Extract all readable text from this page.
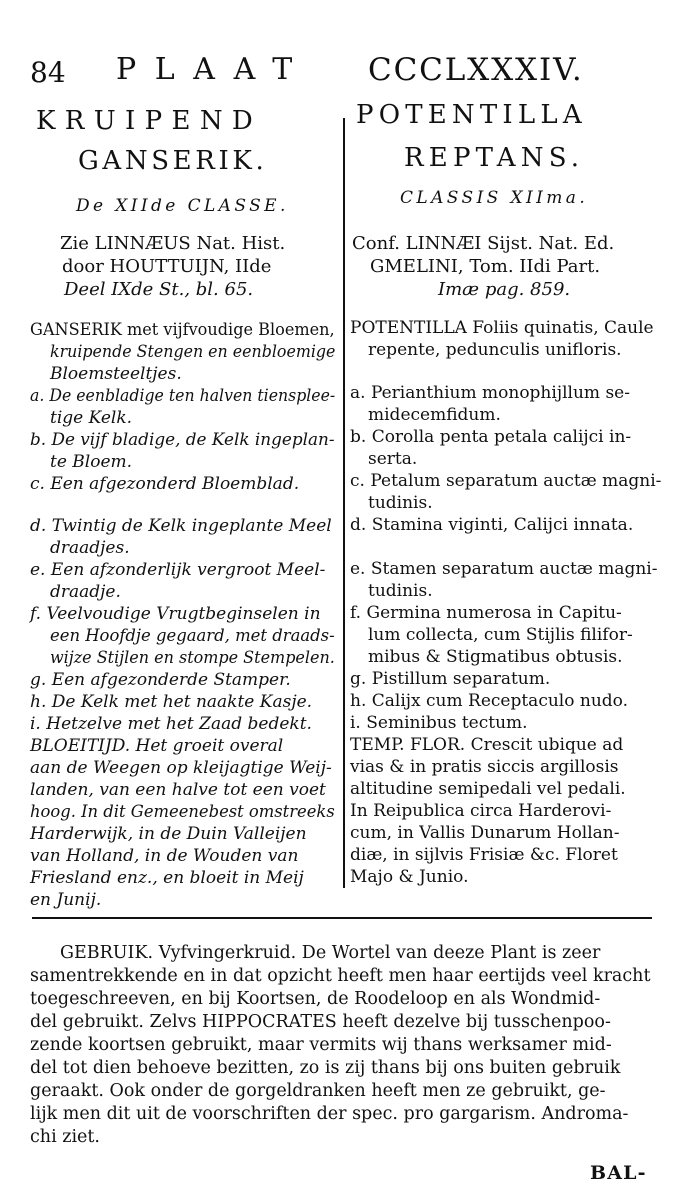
84 PLAAT CCCLXXXIV.
KRUIPEND
GANSERIK.
De XIIde CLASSE.
Zie LINNÆUS Nat. Hist.
door HOUTTUIJN, IIde
Deel IXde St., bl. 65.
GANSERIK met vijfvoudige Bloemen,
kruipende Stengen en eenbloemige
Bloemsteeltjes.
a. De eenbladige ten halven tiensplee-
tige Kelk.
b. De vijf bladige, de Kelk ingeplan-
te Bloem.
c. Een afgezonderd Bloemblad.
d. Twintig de Kelk ingeplante Meel
draadjes.
e. Een afzonderlijk vergroot Meel-
draadje.
f. Veelvoudige Vrugtbeginselen in
een Hoofdje gegaard, met draads-
wijze Stijlen en stompe Stempelen.
g. Een afgezonderde Stamper.
h. De Kelk met het naakte Kasje.
i. Hetzelve met het Zaad bedekt.
BLOEITIJD. Het groeit overal
aan de Weegen op kleijagtige Weij-
landen, van een halve tot een voet
hoog. In dit Gemeenebest omstreeks
Harderwijk, in de Duin Valleijen
van Holland, in de Wouden van
Friesland enz., en bloeit in Meij
en Junij.
POTENTILLA
REPTANS.
CLASSIS XIIma.
Conf. LINNÆI Sijst. Nat. Ed.
GMELINI, Tom. IIdi Part.
Imæ pag. 859.
POTENTILLA Foliis quinatis, Caule
repente, pedunculis unifloris.
a. Perianthium monophijllum se-
midecemfidum.
b. Corolla penta petala calijci in-
serta.
c. Petalum separatum auctæ magni-
tudinis.
d. Stamina viginti, Calijci innata.
e. Stamen separatum auctæ magni-
tudinis.
f. Germina numerosa in Capitu-
lum collecta, cum Stijlis filifor-
mibus & Stigmatibus obtusis.
g. Pistillum separatum.
h. Calijx cum Receptaculo nudo.
i. Seminibus tectum.
TEMP. FLOR. Crescit ubique ad
vias & in pratis siccis argillosis
altitudine semipedali vel pedali.
In Reipublica circa Harderovi-
cum, in Vallis Dunarum Hollan-
diæ, in sijlvis Frisiæ &c. Floret
Majo & Junio.
GEBRUIK. Vyfvingerkruid. De Wortel van deeze Plant is zeer
samentrekkende en in dat opzicht heeft men haar eertijds veel kracht
toegeschreeven, en bij Koortsen, de Roodeloop en als Wondmid-
del gebruikt. Zelvs HIPPOCRATES heeft dezelve bij tusschenpoo-
zende koortsen gebruikt, maar vermits wij thans werksamer mid-
del tot dien behoeve bezitten, zo is zij thans bij ons buiten gebruik
geraakt. Ook onder de gorgeldranken heeft men ze gebruikt, ge-
lijk men dit uit de voorschriften der spec. pro gargarism. Androma-
chi ziet.
BAL-
